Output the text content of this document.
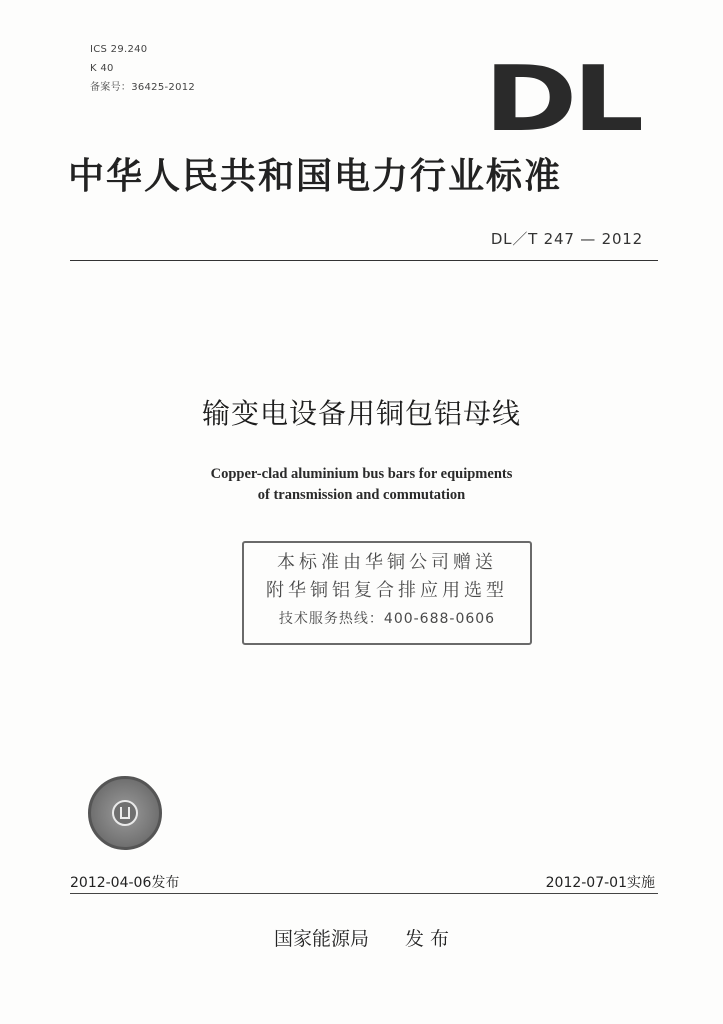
ICS 29.240
K 40
备案号：36425-2012	DL
中华人民共和国电力行业标准
DL／T 247 — 2012
输变电设备用铜包铝母线
Copper-clad aluminium bus bars for equipments
of transmission and commutation
本标准由华铜公司赠送
附华铜铝复合排应用选型
技术服务热线：400-688-0606
2012-04-06发布	2012-07-01实施
国家能源局 发 布
